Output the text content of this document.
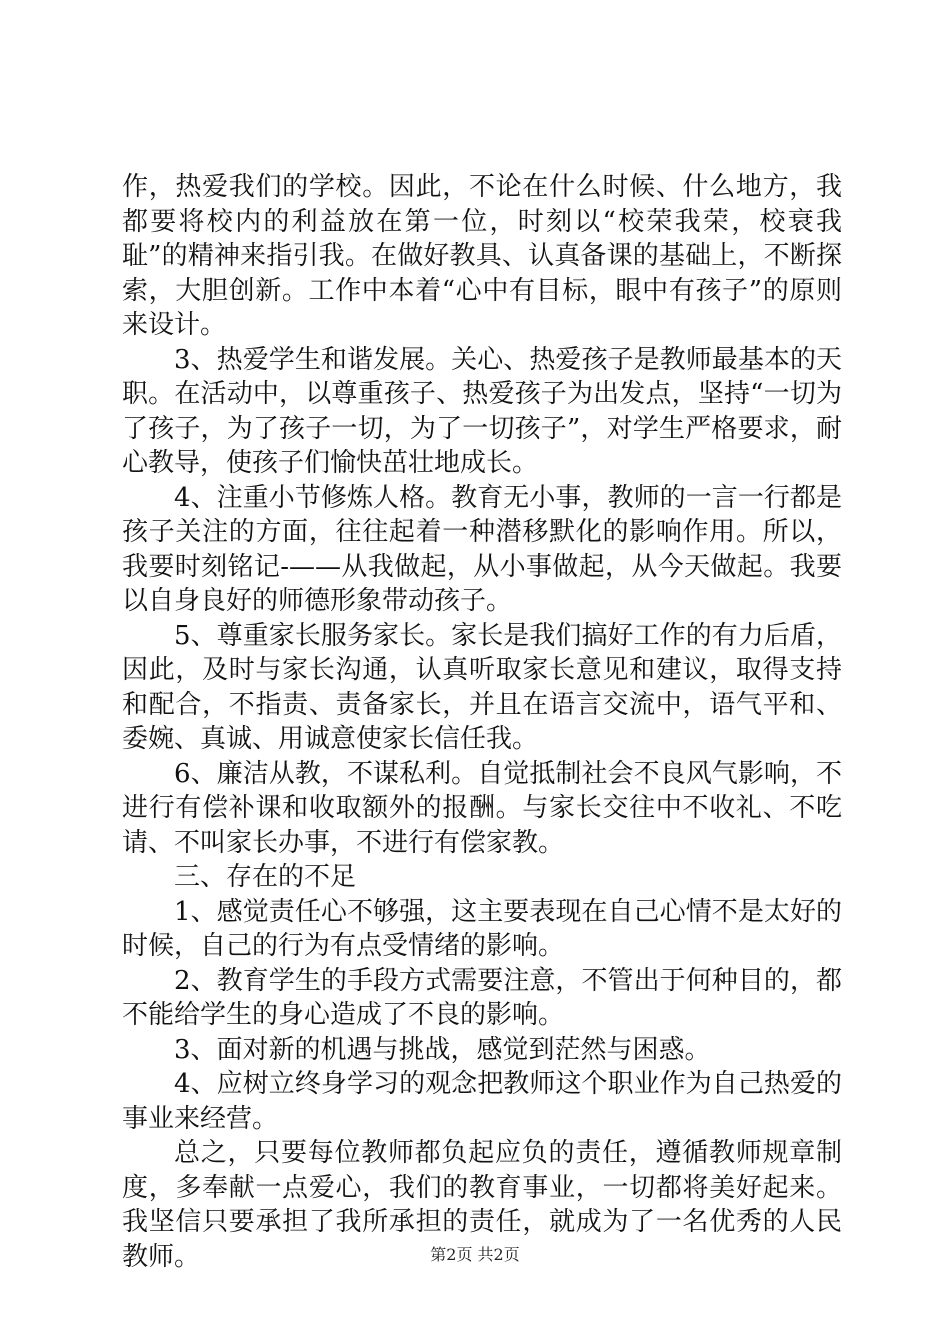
作，热爱我们的学校。因此，不论在什么时候、什么地方，我都要将校内的利益放在第一位，时刻以“校荣我荣，校衰我耻”的精神来指引我。在做好教具、认真备课的基础上，不断探索，大胆创新。工作中本着“心中有目标，眼中有孩子”的原则来设计。

3、热爱学生和谐发展。关心、热爱孩子是教师最基本的天职。在活动中，以尊重孩子、热爱孩子为出发点，坚持“一切为了孩子，为了孩子一切，为了一切孩子”，对学生严格要求，耐心教导，使孩子们愉快茁壮地成长。

4、注重小节修炼人格。教育无小事，教师的一言一行都是孩子关注的方面，往往起着一种潜移默化的影响作用。所以，我要时刻铭记-——从我做起，从小事做起，从今天做起。我要以自身良好的师德形象带动孩子。

5、尊重家长服务家长。家长是我们搞好工作的有力后盾，因此，及时与家长沟通，认真听取家长意见和建议，取得支持和配合，不指责、责备家长，并且在语言交流中，语气平和、委婉、真诚、用诚意使家长信任我。

6、廉洁从教，不谋私利。自觉抵制社会不良风气影响，不进行有偿补课和收取额外的报酬。与家长交往中不收礼、不吃请、不叫家长办事，不进行有偿家教。

三、存在的不足

1、感觉责任心不够强，这主要表现在自己心情不是太好的时候，自己的行为有点受情绪的影响。

2、教育学生的手段方式需要注意，不管出于何种目的，都不能给学生的身心造成了不良的影响。

3、面对新的机遇与挑战，感觉到茫然与困惑。

4、应树立终身学习的观念把教师这个职业作为自己热爱的事业来经营。

总之，只要每位教师都负起应负的责任，遵循教师规章制度，多奉献一点爱心，我们的教育事业，一切都将美好起来。我坚信只要承担了我所承担的责任，就成为了一名优秀的人民教师。	第2页 共2页
